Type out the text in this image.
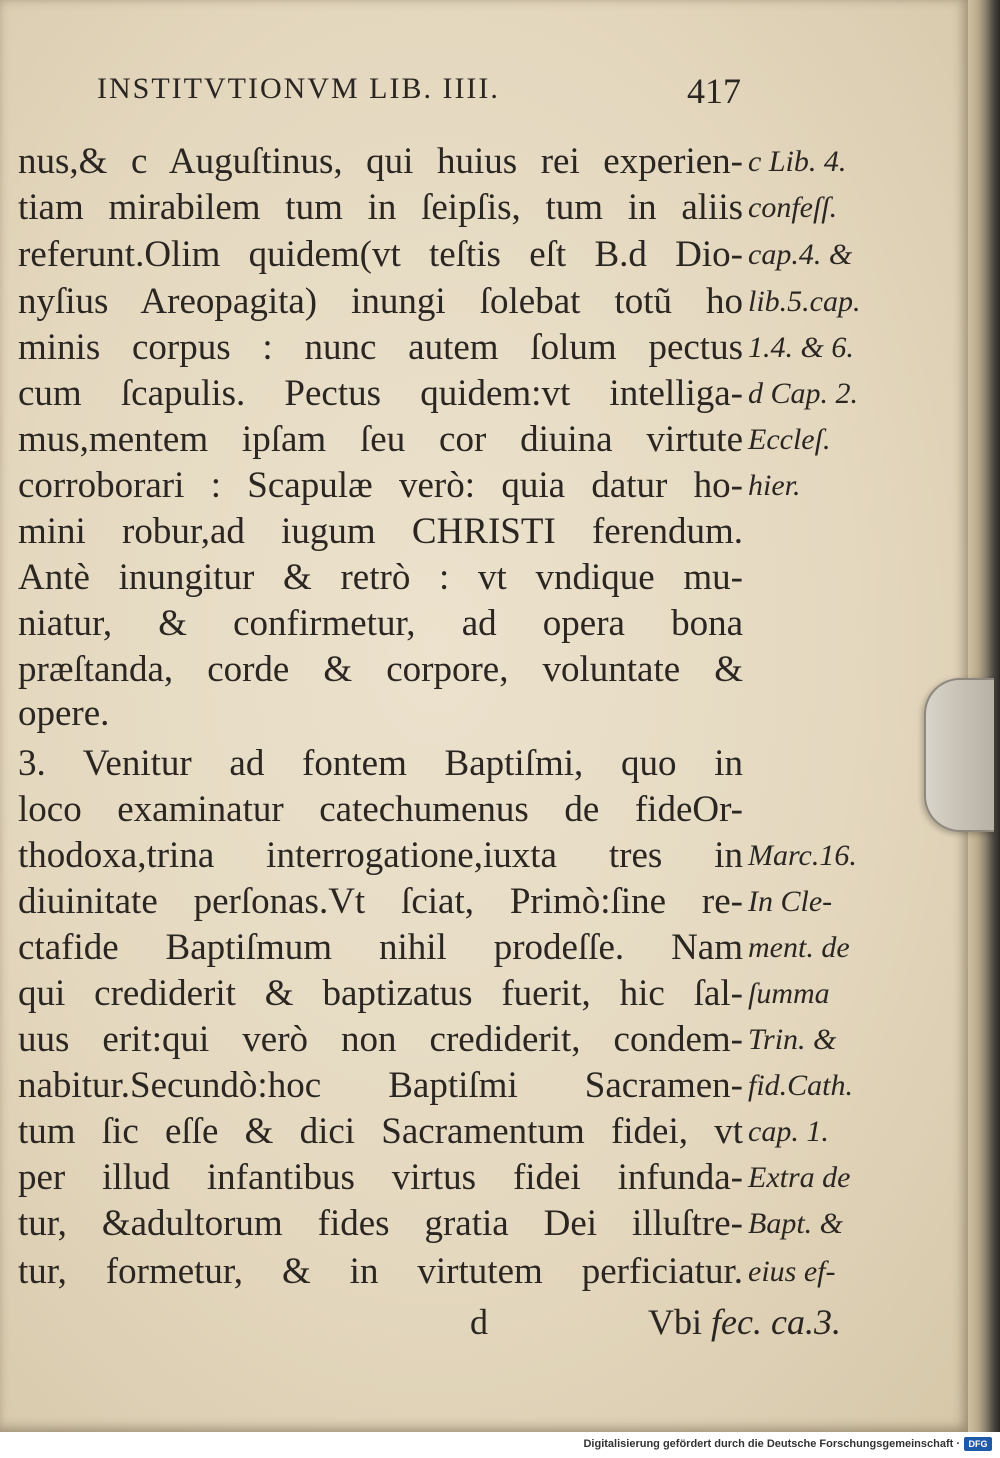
INSTITVTIONVM LIB. IIII.	417
nus,& c Auguſtinus, qui huius rei experien-
tiam mirabilem tum in ſeipſis, tum in aliis
referunt.Olim quidem(vt teſtis eſt B.d Dio-
nyſius Areopagita) inungi ſolebat totũ ho
minis corpus : nunc autem ſolum pectus
cum ſcapulis. Pectus quidem:vt intelliga-
mus,mentem ipſam ſeu cor diuina virtute
corroborari : Scapulæ verò: quia datur ho-
mini robur,ad iugum CHRISTI ferendum.
Antè inungitur & retrò : vt vndique mu-
niatur, & confirmetur, ad opera bona
præſtanda, corde & corpore, voluntate &
opere.
3. Venitur ad fontem Baptiſmi, quo in
loco examinatur catechumenus de fideOr-
thodoxa,trina interrogatione,iuxta tres in
diuinitate perſonas.Vt ſciat, Primò:ſine re-
ctafide Baptiſmum nihil prodeſſe. Nam
qui crediderit & baptizatus fuerit, hic ſal-
uus erit:qui verò non crediderit, condem-
nabitur.Secundò:hoc Baptiſmi Sacramen-
tum ſic eſſe & dici Sacramentum fidei, vt
per illud infantibus virtus fidei infunda-
tur, &adultorum fides gratia Dei illuſtre-
tur, formetur, & in virtutem perficiatur.
c Lib. 4.
confeſſ.
cap.4. &
lib.5.cap.
1.4. & 6.
d Cap. 2.
Eccleſ.
hier.
Marc.16.
In Cle-
ment. de
ſumma
Trin. &
fid.Cath.
cap. 1.
Extra de
Bapt. &
eius ef-
d	Vbi fec. ca.3.
Digitalisierung gefördert durch die Deutsche Forschungsgemeinschaft · DFG
